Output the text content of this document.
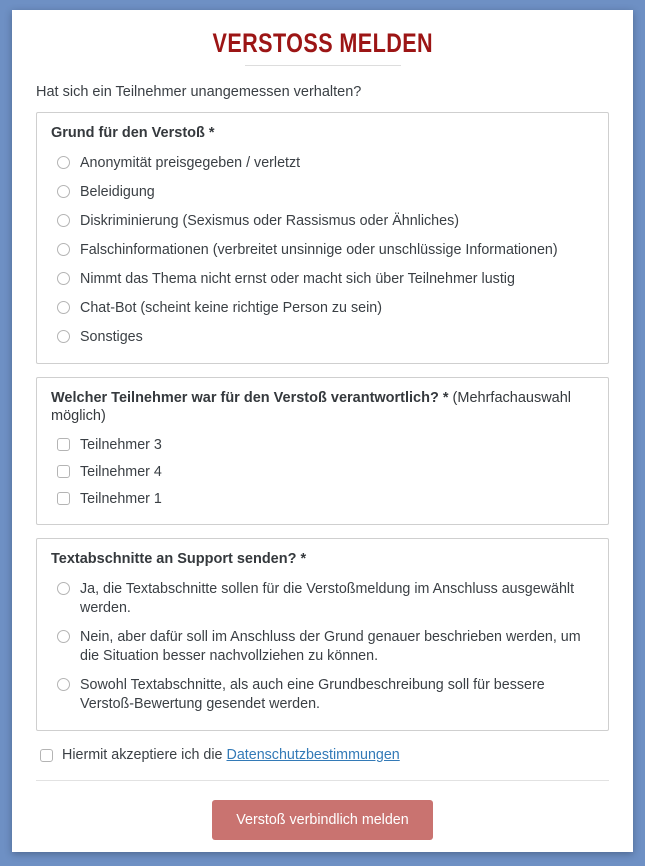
VERSTOSS MELDEN
Hat sich ein Teilnehmer unangemessen verhalten?
Grund für den Verstoß *
Anonymität preisgegeben / verletzt
Beleidigung
Diskriminierung (Sexismus oder Rassismus oder Ähnliches)
Falschinformationen (verbreitet unsinnige oder unschlüssige Informationen)
Nimmt das Thema nicht ernst oder macht sich über Teilnehmer lustig
Chat-Bot (scheint keine richtige Person zu sein)
Sonstiges
Welcher Teilnehmer war für den Verstoß verantwortlich? * (Mehrfachauswahl möglich)
Teilnehmer 3
Teilnehmer 4
Teilnehmer 1
Textabschnitte an Support senden? *
Ja, die Textabschnitte sollen für die Verstoßmeldung im Anschluss ausgewählt werden.
Nein, aber dafür soll im Anschluss der Grund genauer beschrieben werden, um die Situation besser nachvollziehen zu können.
Sowohl Textabschnitte, als auch eine Grundbeschreibung soll für bessere Verstoß-Bewertung gesendet werden.
Hiermit akzeptiere ich die Datenschutzbestimmungen
Verstoß verbindlich melden
